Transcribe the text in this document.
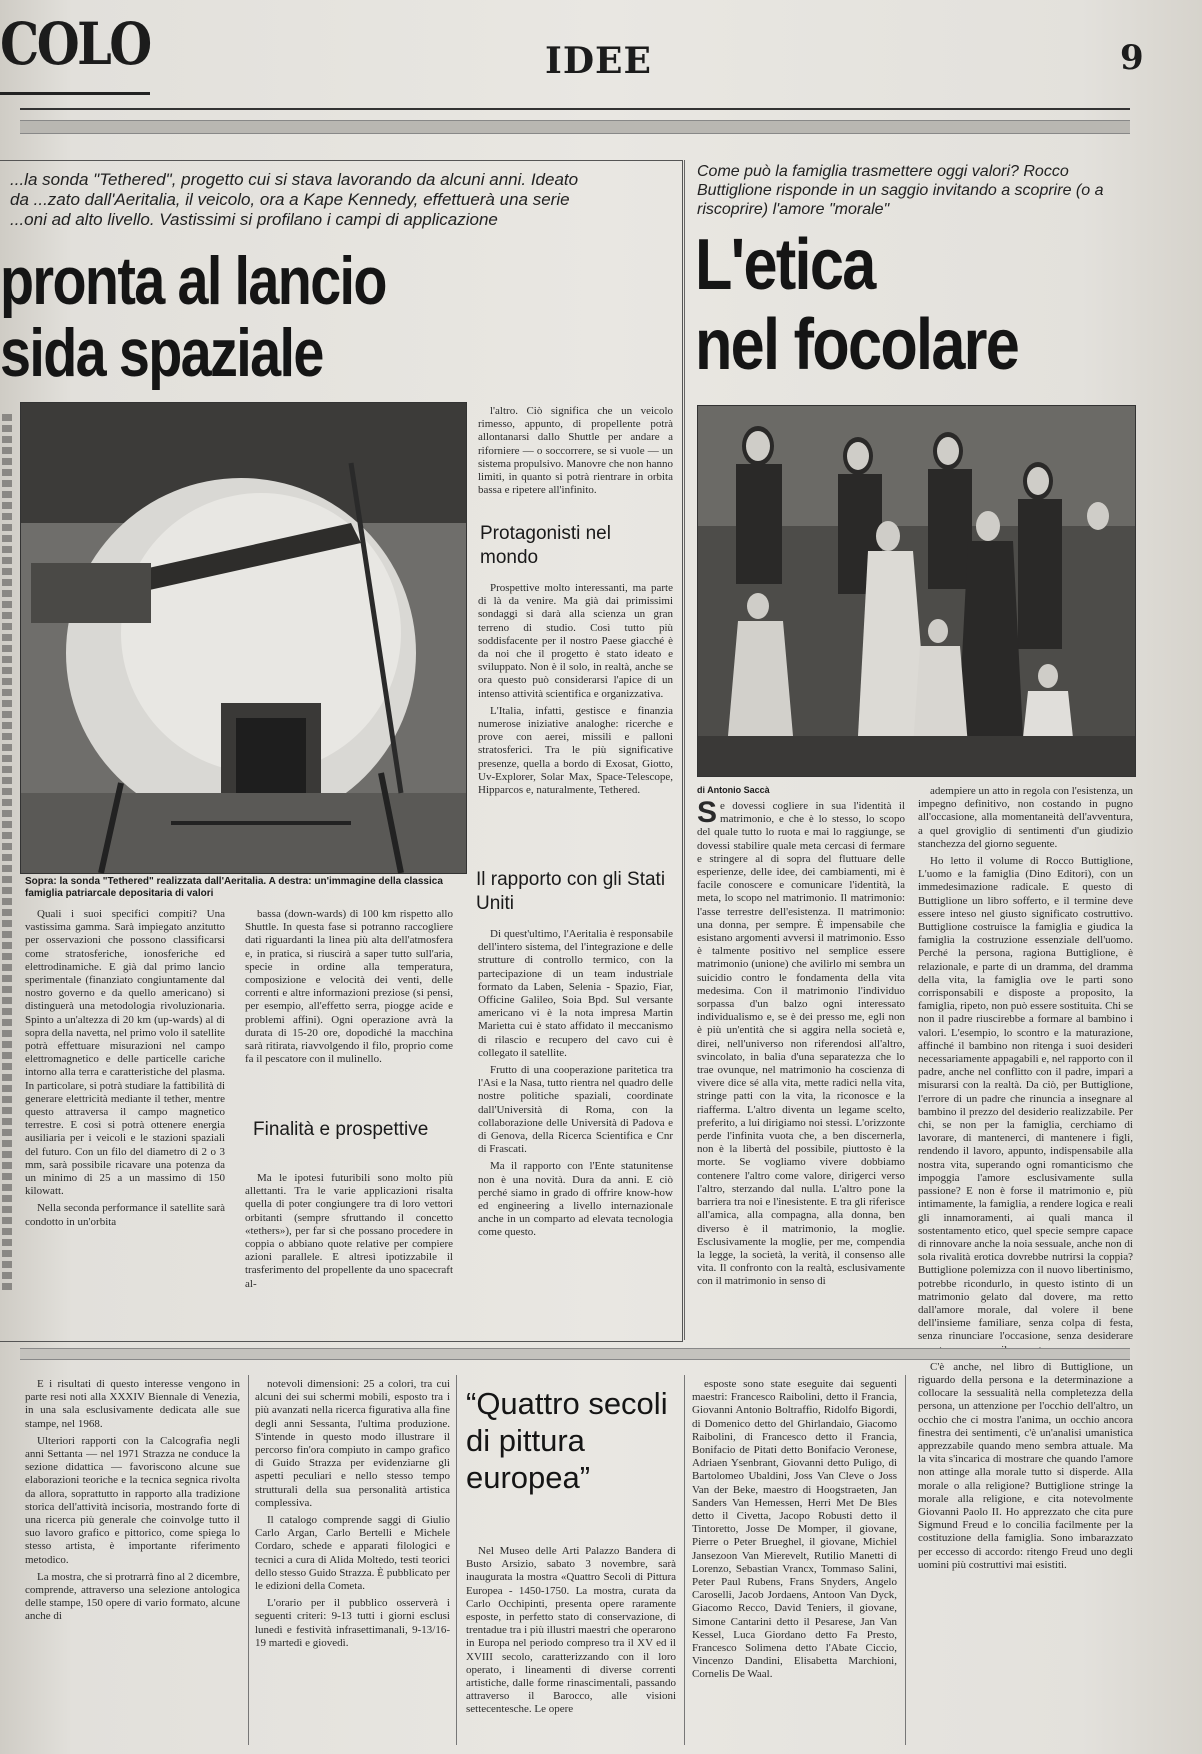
COLO	IDEE	9
...la sonda "Tethered", progetto cui si stava lavorando da alcuni anni. Ideato da ...zato dall'Aeritalia, il veicolo, ora a Kape Kennedy, effettuerà una serie ...oni ad alto livello. Vastissimi si profilano i campi di applicazione
pronta al lancio
sida spaziale
Sopra: la sonda "Tethered" realizzata dall'Aeritalia. A destra: un'immagine della classica famiglia patriarcale depositaria di valori

Quali i suoi specifici compiti? Una vastissima gamma. Sarà impiegato anzitutto per osservazioni che possono classificarsi come stratosferiche, ionosferiche ed elettrodinamiche. E già dal primo lancio sperimentale (finanziato congiuntamente dal nostro governo e da quello americano) si distinguerà una metodologia rivoluzionaria. Spinto a un'altezza di 20 km (up-wards) al di sopra della navetta, nel primo volo il satellite potrà effettuare misurazioni nel campo elettromagnetico e delle particelle cariche intorno alla terra e caratteristiche del plasma. In particolare, si potrà studiare la fattibilità di generare elettricità mediante il tether, mentre questo attraversa il campo magnetico terrestre. E così si potrà ottenere energia ausiliaria per i veicoli e le stazioni spaziali del futuro. Con un filo del diametro di 2 o 3 mm, sarà possibile ricavare una potenza da un minimo di 25 a un massimo di 150 kilowatt.

Nella seconda performance il satellite sarà condotto in un'orbita

bassa (down-wards) di 100 km rispetto allo Shuttle. In questa fase si potranno raccogliere dati riguardanti la linea più alta dell'atmosfera e, in pratica, si riuscirà a saper tutto sull'aria, specie in ordine alla temperatura, composizione e velocità dei venti, delle correnti e altre informazioni preziose (si pensi, per esempio, all'effetto serra, piogge acide e problemi affini). Ogni operazione avrà la durata di 15-20 ore, dopodiché la macchina sarà ritirata, riavvolgendo il filo, proprio come fa il pescatore con il mulinello.

Finalità e prospettive

Ma le ipotesi futuribili sono molto più allettanti. Tra le varie applicazioni risalta quella di poter congiungere tra di loro vettori orbitanti (sempre sfruttando il concetto «tethers»), per far sì che possano procedere in coppia o abbiano quote relative per compiere azioni parallele. E altresì ipotizzabile il trasferimento del propellente da uno spacecraft al-

l'altro. Ciò significa che un veicolo rimesso, appunto, di propellente potrà allontanarsi dallo Shuttle per andare a riforniere — o soccorrere, se si vuole — un sistema propulsivo. Manovre che non hanno limiti, in quanto si potrà rientrare in orbita bassa e ripetere all'infinito.

Protagonisti nel mondo

Prospettive molto interessanti, ma parte di là da venire. Ma già dai primissimi sondaggi si darà alla scienza un gran terreno di studio. Così tutto più soddisfacente per il nostro Paese giacché è da noi che il progetto è stato ideato e sviluppato. Non è il solo, in realtà, anche se ora questo può considerarsi l'apice di un intenso attività scientifica e organizzativa.

L'Italia, infatti, gestisce e finanzia numerose iniziative analoghe: ricerche e prove con aerei, missili e palloni stratosferici. Tra le più significative presenze, quella a bordo di Exosat, Giotto, Uv-Explorer, Solar Max, Space-Telescope, Hipparcos e, naturalmente, Tethered.

Il rapporto con gli Stati Uniti

Di quest'ultimo, l'Aeritalia è responsabile dell'intero sistema, del l'integrazione e delle strutture di controllo termico, con la partecipazione di un team industriale formato da Laben, Selenia - Spazio, Fiar, Officine Galileo, Soia Bpd. Sul versante americano vi è la nota impresa Martin Marietta cui è stato affidato il meccanismo di rilascio e recupero del cavo cui è collegato il satellite.

Frutto di una cooperazione paritetica tra l'Asi e la Nasa, tutto rientra nel quadro delle nostre politiche spaziali, coordinate dall'Università di Roma, con la collaborazione delle Università di Padova e di Genova, della Ricerca Scientifica e Cnr di Frascati.

Ma il rapporto con l'Ente statunitense non è una novità. Dura da anni. E ciò perché siamo in grado di offrire know-how ed engineering a livello internazionale anche in un comparto ad elevata tecnologia come questo.

Come può la famiglia trasmettere oggi valori? Rocco Buttiglione risponde in un saggio invitando a scoprire (o a riscoprire) l'amore "morale"
L'etica
nel focolare
di Antonio Saccà
S e dovessi cogliere in sua l'identità il matrimonio, e che è lo stesso, lo scopo del quale tutto lo ruota e mai lo raggiunge, se dovessi stabilire quale meta cercasi di fermare e stringere al di sopra del fluttuare delle esperienze, delle idee, dei cambiamenti, mi è facile conoscere e comunicare l'identità, la meta, lo scopo nel matrimonio. Il matrimonio: l'asse terrestre dell'esistenza. Il matrimonio: una donna, per sempre. È impensabile che esistano argomenti avversi il matrimonio. Esso è talmente positivo nel semplice essere matrimonio (unione) che avilirlo mi sembra un suicidio contro le fondamenta della vita medesima. Con il matrimonio l'individuo sorpassa d'un balzo ogni interessato individualismo e, se è dei presso me, egli non è più un'entità che si aggira nella società e, direi, nell'universo non riferendosi all'altro, svincolato, in balia d'una separatezza che lo trae ovunque, nel matrimonio ha coscienza di vivere dice sé alla vita, mette radici nella vita, stringe patti con la vita, la riconosce e la riafferma. L'altro diventa un legame scelto, preferito, a lui dirigiamo noi stessi. L'orizzonte perde l'infinita vuota che, a ben discernerla, non è la libertà del possibile, piuttosto è la morte. Se vogliamo vivere dobbiamo contenere l'altro come valore, dirigerci verso l'altro, sterzando dal nulla. L'altro pone la barriera tra noi e l'inesistente. E tra gli riferisce all'amica, alla compagna, alla donna, ben diverso è il matrimonio, la moglie. Esclusivamente la moglie, per me, compendia la legge, la società, la verità, il consenso alle vita. Il confronto con la realtà, esclusivamente con il matrimonio in senso di

adempiere un atto in regola con l'esistenza, un impegno definitivo, non costando in pugno all'occasione, alla momentaneità dell'avventura, a quel groviglio di sentimenti d'un giudizio stanchezza del giorno seguente.

Ho letto il volume di Rocco Buttiglione, L'uomo e la famiglia (Dino Editori), con un immedesimazione radicale. E questo di Buttiglione un libro sofferto, e il termine deve essere inteso nel giusto significato costruttivo. Buttiglione costruisce la famiglia e giudica la famiglia la costruzione essenziale dell'uomo. Perché la persona, ragiona Buttiglione, è relazionale, e parte di un dramma, del dramma della vita, la famiglia ove le parti sono corrisponsabili e disposte a proposito, la famiglia, ripeto, non può essere sostituita. Chi se non il padre riuscirebbe a formare al bambino i valori. L'esempio, lo scontro e la maturazione, affinché il bambino non ritenga i suoi desideri necessariamente appagabili e, nel rapporto con il padre, anche nel conflitto con il padre, impari a misurarsi con la realtà. Da ciò, per Buttiglione, l'errore di un padre che rinuncia a insegnare al bambino il prezzo del desiderio realizzabile. Per chi, se non per la famiglia, cerchiamo di lavorare, di mantenerci, di mantenere i figli, rendendo il lavoro, appunto, indispensabile alla nostra vita, superando ogni romanticismo che impoggia l'amore esclusivamente sulla passione? E non è forse il matrimonio e, più intimamente, la famiglia, a rendere logica e reali gli innamoramenti, ai quali manca il sostentamento etico, quel specie sempre capace di rinnovare anche la noia sessuale, anche non di sola rivalità erotica dovrebbe nutrirsi la coppia? Buttiglione polemizza con il nuovo libertinismo, potrebbe ricondurlo, in questo istinto di un matrimonio gelato dal dovere, ma retto dall'amore morale, dal volere il bene dell'insieme familiare, senza colpa di festa, senza rinunciare l'occasione, senza desiderare

C'è anche, nel libro di Buttiglione, un riguardo della persona e la determinazione a collocare la sessualità nella completezza della persona, un attenzione per l'occhio dell'altro, un occhio che ci mostra l'anima, un occhio ancora finestra dei sentimenti, c'è un'analisi umanistica apprezzabile quando meno sembra attuale. Ma la vita s'incarica di mostrare che quando l'amore non attinge alla morale tutto si disperde. Alla morale o alla religione? Buttiglione stringe la morale alla religione, e cita notevolmente Giovanni Paolo II. Ho apprezzato che cita pure Sigmund Freud e lo concilia facilmente per la costituzione della famiglia. Sono imbarazzato per eccesso di accordo: ritengo Freud uno degli uomini più costruttivi mai esistiti.

E i risultati di questo interesse vengono in parte resi noti alla XXXIV Biennale di Venezia, in una sala esclusivamente dedicata alle sue stampe, nel 1968.

Ulteriori rapporti con la Calcografia negli anni Settanta — nel 1971 Strazza ne conduce la sezione didattica — favoriscono alcune sue elaborazioni teoriche e la tecnica segnica rivolta da allora, soprattutto in rapporto alla tradizione storica dell'attività incisoria, mostrando forte di una ricerca più generale che coinvolge tutto il suo lavoro grafico e pittorico, come spiega lo stesso artista, è importante riferimento metodico.

La mostra, che si protrarrà fino al 2 dicembre, comprende, attraverso una selezione antologica delle stampe, 150 opere di vario formato, alcune anche di

notevoli dimensioni: 25 a colori, tra cui alcuni dei sui schermi mobili, esposto tra i più avanzati nella ricerca figurativa alla fine degli anni Sessanta, l'ultima produzione. S'intende in questo modo illustrare il percorso fin'ora compiuto in campo grafico di Guido Strazza per evidenziarne gli aspetti peculiari e nello stesso tempo strutturali della sua personalità artistica complessiva.

Il catalogo comprende saggi di Giulio Carlo Argan, Carlo Bertelli e Michele Cordaro, schede e apparati filologici e tecnici a cura di Alida Moltedo, testi teorici dello stesso Guido Strazza. È pubblicato per le edizioni della Cometa.

L'orario per il pubblico osserverà i seguenti criteri: 9-13 tutti i giorni esclusi lunedì e festività infrasettimanali, 9-13/16-19 martedì e giovedì.

“Quattro secoli di pittura europea”

Nel Museo delle Arti Palazzo Bandera di Busto Arsizio, sabato 3 novembre, sarà inaugurata la mostra «Quattro Secoli di Pittura Europea - 1450-1750. La mostra, curata da Carlo Occhipinti, presenta opere raramente esposte, in perfetto stato di conservazione, di trentadue tra i più illustri maestri che operarono in Europa nel periodo compreso tra il XV ed il XVIII secolo, caratterizzando con il loro operato, i lineamenti di diverse correnti artistiche, dalle forme rinascimentali, passando attraverso il Barocco, alle visioni settecentesche. Le opere

esposte sono state eseguite dai seguenti maestri: Francesco Raibolini, detto il Francia, Giovanni Antonio Boltraffio, Ridolfo Bigordi, di Domenico detto del Ghirlandaio, Giacomo Raibolini, di Francesco detto il Francia, Bonifacio de Pitati detto Bonifacio Veronese, Adriaen Ysenbrant, Giovanni detto Puligo, di Bartolomeo Ubaldini, Joss Van Cleve o Joss Van der Beke, maestro di Hoogstraeten, Jan Sanders Van Hemessen, Herri Met De Bles detto il Civetta, Jacopo Robusti detto il Tintoretto, Josse De Momper, il giovane, Pierre o Peter Brueghel, il giovane, Michiel Jansezoon Van Mierevelt, Rutilio Manetti di Lorenzo, Sebastian Vrancx, Tommaso Salini, Peter Paul Rubens, Frans Snyders, Angelo Caroselli, Jacob Jordaens, Antoon Van Dyck, Giacomo Recco, David Teniers, il giovane, Simone Cantarini detto il Pesarese, Jan Van Kessel, Luca Giordano detto Fa Presto, Francesco Solimena detto l'Abate Ciccio, Vincenzo Dandini, Elisabetta Marchioni, Cornelis De Waal.
